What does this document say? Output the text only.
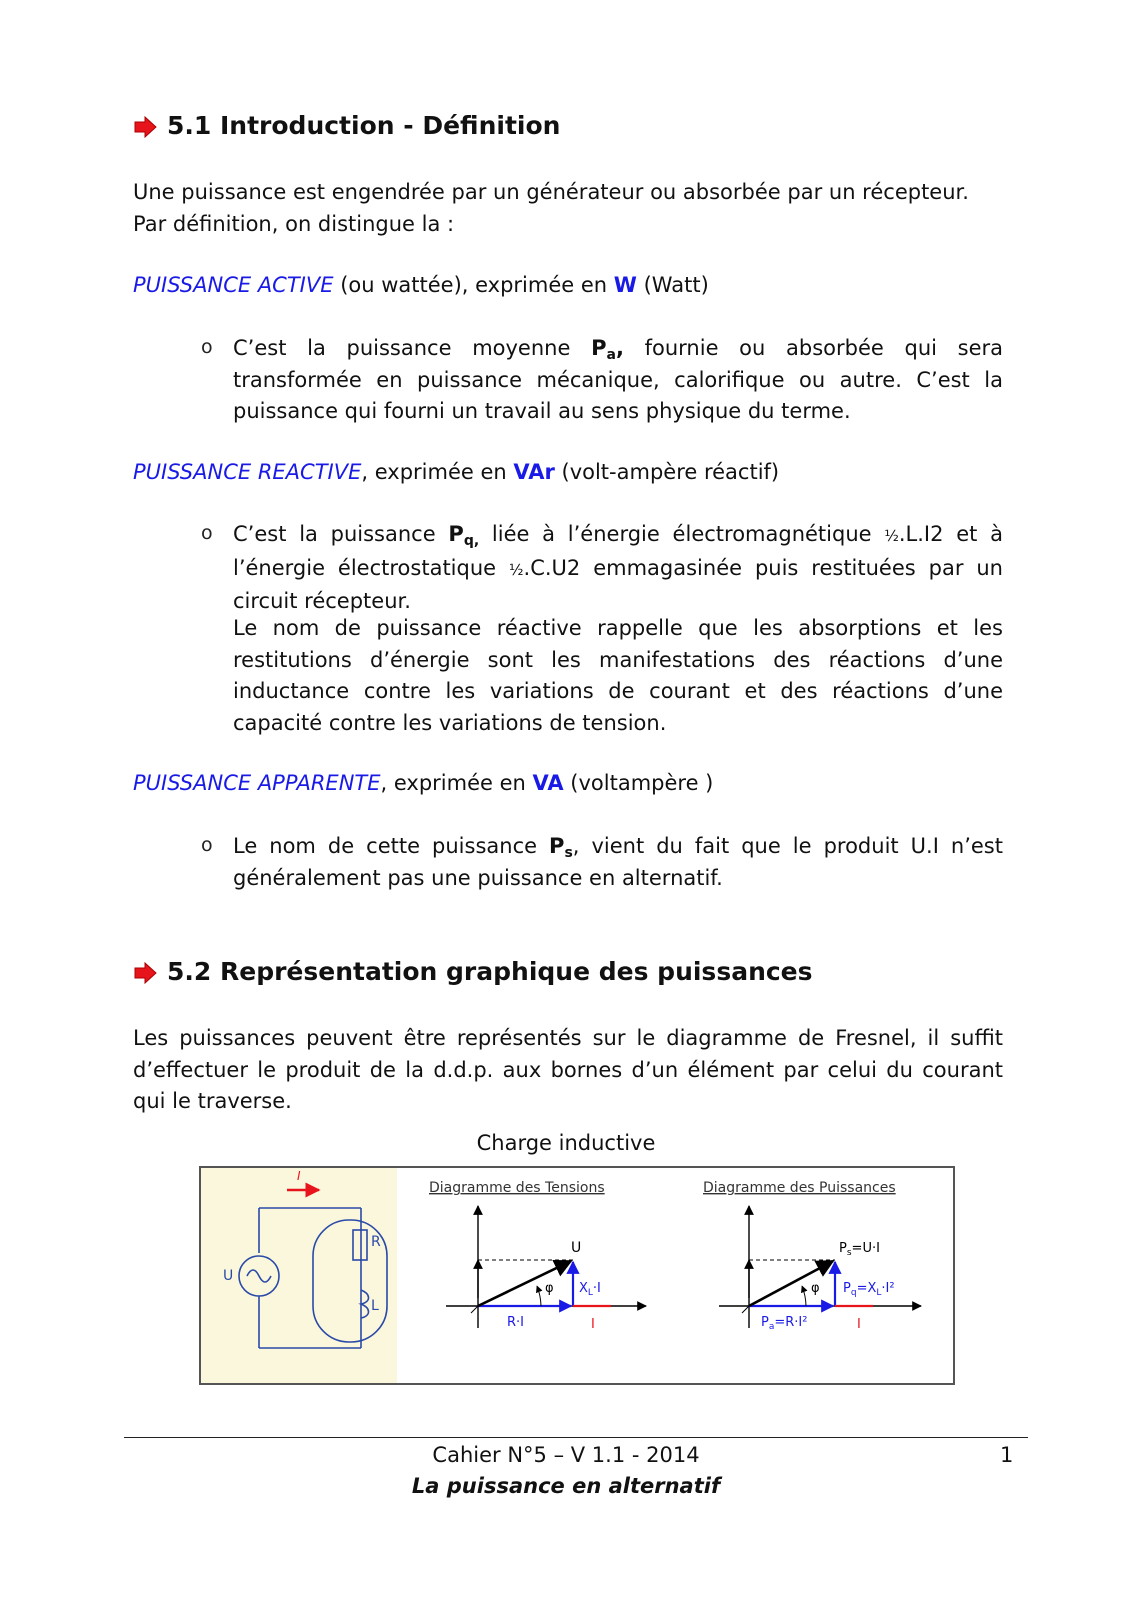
5.1 Introduction - Définition
Une puissance est engendrée par un générateur ou absorbée par un récepteur.
Par définition, on distingue la :
PUISSANCE ACTIVE (ou wattée), exprimée en W (Watt)
o C’est la puissance moyenne $P_a$, fournie ou absorbée qui sera transformée en puissance mécanique, calorifique ou autre. C’est la puissance qui fourni un travail au sens physique du terme.
PUISSANCE REACTIVE, exprimée en VAr (volt-ampère réactif)
o C’est la puissance $P_{q,}$ liée à l’énergie électromagnétique ½.L.I2 et à l’énergie électrostatique ½.C.U2 emmagasinée puis restituées par un circuit récepteur.
Le nom de puissance réactive rappelle que les absorptions et les restitutions d’énergie sont les manifestations des réactions d’une inductance contre les variations de courant et des réactions d’une capacité contre les variations de tension.
PUISSANCE APPARENTE, exprimée en VA (voltampère )
o Le nom de cette puissance $P_s$, vient du fait que le produit U.I n’est généralement pas une puissance en alternatif.
5.2 Représentation graphique des puissances
Les puissances peuvent être représentés sur le diagramme de Fresnel, il suffit d’effectuer le produit de la d.d.p. aux bornes d’un élément par celui du courant qui le traverse.
Charge inductive
I
U
R
L
Diagramme des Tensions
U
φ $X_L\cdot I$
R·I	I
Diagramme des Puissances
$P_s=U\cdot I$
φ $P_q=X_L\cdot I^2$
$P_a=R\cdot I^2$	I
Cahier N°5 – V 1.1 - 2014
La puissance en alternatif
1
